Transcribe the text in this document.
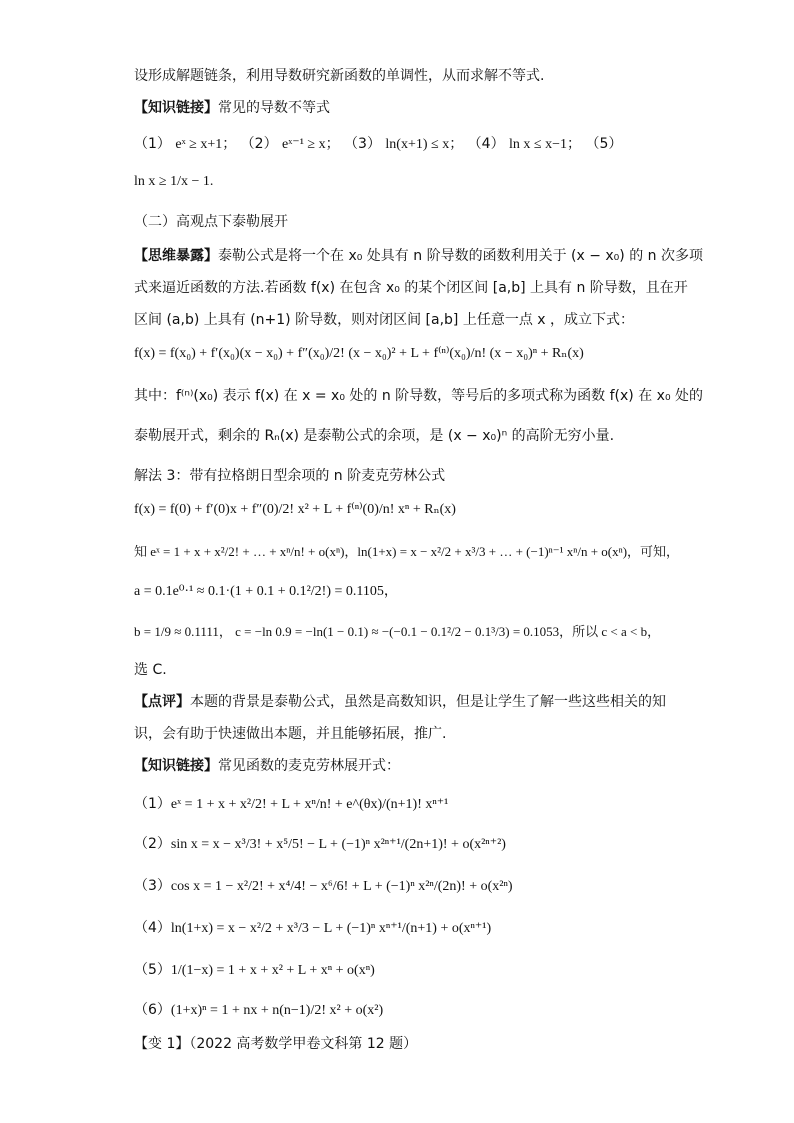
设形成解题链条，利用导数研究新函数的单调性，从而求解不等式.
【知识链接】常见的导数不等式
（1） eˣ ≥ x+1； （2） eˣ⁻¹ ≥ x； （3） ln(x+1) ≤ x； （4） ln x ≤ x−1； （5）
ln x ≥ 1/x − 1.
（二）高观点下泰勒展开
【思维暴露】泰勒公式是将一个在 x₀ 处具有 n 阶导数的函数利用关于 (x − x₀) 的 n 次多项
式来逼近函数的方法.若函数 f(x) 在包含 x₀ 的某个闭区间 [a,b] 上具有 n 阶导数，且在开
区间 (a,b) 上具有 (n+1) 阶导数，则对闭区间 [a,b] 上任意一点 x ，成立下式：
f(x) = f(x₀) + f′(x₀)(x − x₀) + f″(x₀)/2! (x − x₀)² + L + f⁽ⁿ⁾(x₀)/n! (x − x₀)ⁿ + Rₙ(x)
其中：f⁽ⁿ⁾(x₀) 表示 f(x) 在 x = x₀ 处的 n 阶导数，等号后的多项式称为函数 f(x) 在 x₀ 处的
泰勒展开式，剩余的 Rₙ(x) 是泰勒公式的余项，是 (x − x₀)ⁿ 的高阶无穷小量.
解法 3：带有拉格朗日型余项的 n 阶麦克劳林公式
f(x) = f(0) + f′(0)x + f″(0)/2! x² + L + f⁽ⁿ⁾(0)/n! xⁿ + Rₙ(x)
知 eˣ = 1 + x + x²/2! + … + xⁿ/n! + o(xⁿ)，ln(1+x) = x − x²/2 + x³/3 + … + (−1)ⁿ⁻¹ xⁿ/n + o(xⁿ)，可知，
a = 0.1e⁰·¹ ≈ 0.1·(1 + 0.1 + 0.1²/2!) = 0.1105，
b = 1/9 ≈ 0.1111， c = −ln 0.9 = −ln(1 − 0.1) ≈ −(−0.1 − 0.1²/2 − 0.1³/3) = 0.1053，所以 c < a < b，
选 C.
【点评】本题的背景是泰勒公式，虽然是高数知识，但是让学生了解一些这些相关的知
识，会有助于快速做出本题，并且能够拓展，推广.
【知识链接】常见函数的麦克劳林展开式：
（1）eˣ = 1 + x + x²/2! + L + xⁿ/n! + e^(θx)/(n+1)! xⁿ⁺¹
（2）sin x = x − x³/3! + x⁵/5! − L + (−1)ⁿ x²ⁿ⁺¹/(2n+1)! + o(x²ⁿ⁺²)
（3）cos x = 1 − x²/2! + x⁴/4! − x⁶/6! + L + (−1)ⁿ x²ⁿ/(2n)! + o(x²ⁿ)
（4）ln(1+x) = x − x²/2 + x³/3 − L + (−1)ⁿ xⁿ⁺¹/(n+1) + o(xⁿ⁺¹)
（5）1/(1−x) = 1 + x + x² + L + xⁿ + o(xⁿ)
（6）(1+x)ⁿ = 1 + nx + n(n−1)/2! x² + o(x²)
【变 1】（2022 高考数学甲卷文科第 12 题）
